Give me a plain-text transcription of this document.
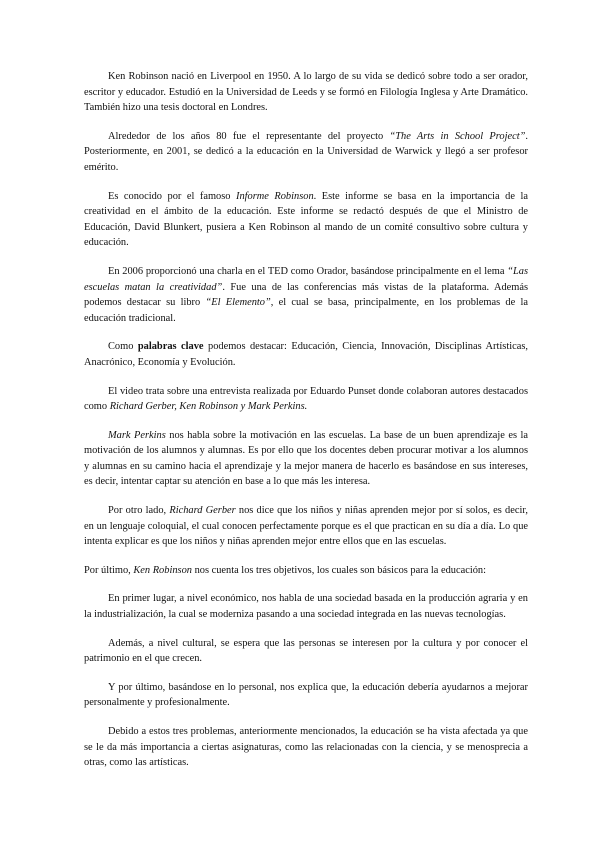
Ken Robinson nació en Liverpool en 1950. A lo largo de su vida se dedicó sobre todo a ser orador, escritor y educador. Estudió en la Universidad de Leeds y se formó en Filología Inglesa y Arte Dramático. También hizo una tesis doctoral en Londres.

Alrededor de los años 80 fue el representante del proyecto “The Arts in School Project”. Posteriormente, en 2001, se dedicó a la educación en la Universidad de Warwick y llegó a ser profesor emérito.

Es conocido por el famoso Informe Robinson. Este informe se basa en la importancia de la creatividad en el ámbito de la educación. Este informe se redactó después de que el Ministro de Educación, David Blunkert, pusiera a Ken Robinson al mando de un comité consultivo sobre cultura y educación.

En 2006 proporcionó una charla en el TED como Orador, basándose principalmente en el lema “Las escuelas matan la creatividad”. Fue una de las conferencias más vistas de la plataforma. Además podemos destacar su libro “El Elemento”, el cual se basa, principalmente, en los problemas de la educación tradicional.

Como palabras clave podemos destacar: Educación, Ciencia, Innovación, Disciplinas Artísticas, Anacrónico, Economía y Evolución.

El video trata sobre una entrevista realizada por Eduardo Punset donde colaboran autores destacados como Richard Gerber, Ken Robinson y Mark Perkins.

Mark Perkins nos habla sobre la motivación en las escuelas. La base de un buen aprendizaje es la motivación de los alumnos y alumnas. Es por ello que los docentes deben procurar motivar a los alumnos y alumnas en su camino hacia el aprendizaje y la mejor manera de hacerlo es basándose en sus intereses, es decir, intentar captar su atención en base a lo que más les interesa.

Por otro lado, Richard Gerber nos dice que los niños y niñas aprenden mejor por sí solos, es decir, en un lenguaje coloquial, el cual conocen perfectamente porque es el que practican en su día a día. Lo que intenta explicar es que los niños y niñas aprenden mejor entre ellos que en las escuelas.

Por último, Ken Robinson nos cuenta los tres objetivos, los cuales son básicos para la educación:

En primer lugar, a nivel económico, nos habla de una sociedad basada en la producción agraria y en la industrialización, la cual se moderniza pasando a una sociedad integrada en las nuevas tecnologías.

Además, a nivel cultural, se espera que las personas se interesen por la cultura y por conocer el patrimonio en el que crecen.

Y por último, basándose en lo personal, nos explica que, la educación debería ayudarnos a mejorar personalmente y profesionalmente.

Debido a estos tres problemas, anteriormente mencionados, la educación se ha vista afectada ya que se le da más importancia a ciertas asignaturas, como las relacionadas con la ciencia, y se menosprecia a otras, como las artísticas.
